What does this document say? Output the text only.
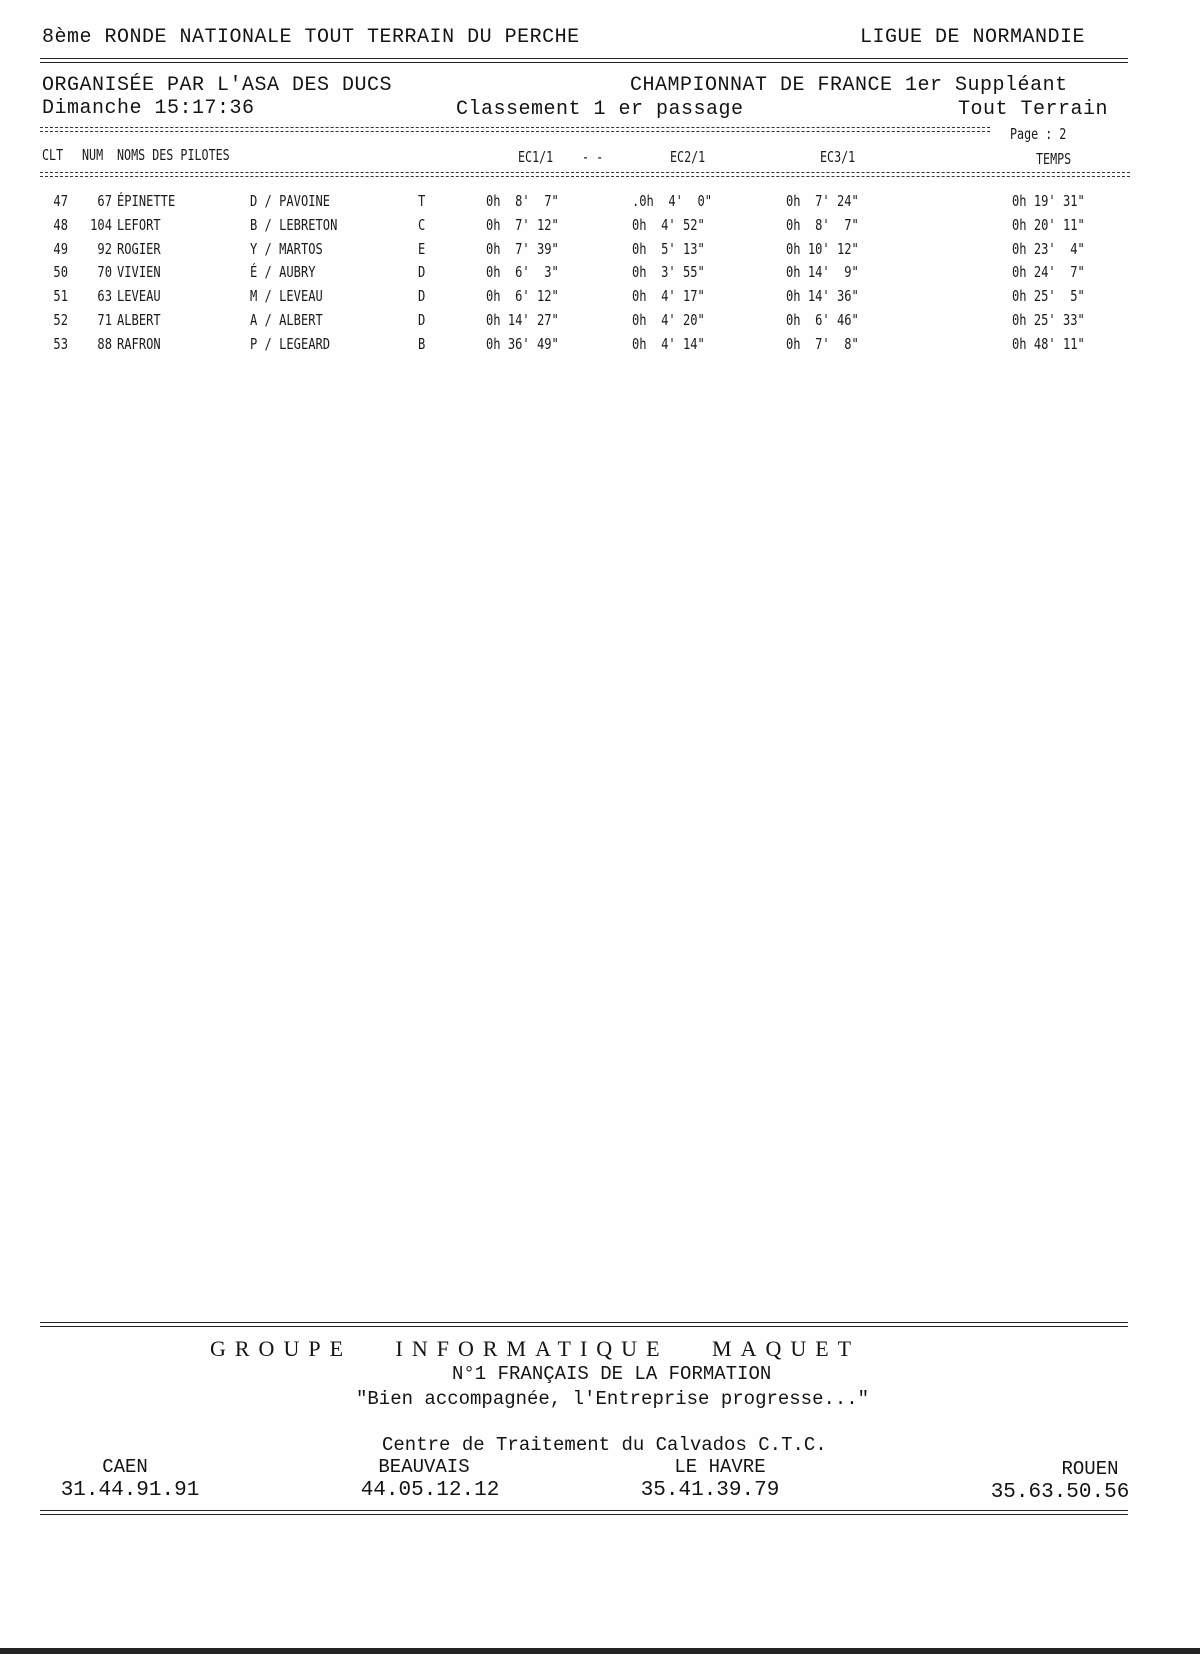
8ème RONDE NATIONALE TOUT TERRAIN DU PERCHE	LIGUE DE NORMANDIE
ORGANISÉE PAR L'ASA DES DUCS	CHAMPIONNAT DE FRANCE 1er Suppléant
Dimanche 15:17:36	Classement 1 er passage	Tout Terrain
Page : 2
CLT NUM NOMS DES PILOTES	EC1/1 - -	EC2/1	EC3/1	TEMPS
47	67 ÉPINETTE	D / PAVOINE	T	0h  8'  7"	.0h  4'  0"	0h  7' 24"	0h 19' 31"
48	104 LEFORT	B / LEBRETON	C	0h  7' 12"	0h  4' 52"	0h  8'  7"	0h 20' 11"
49	92 ROGIER	Y / MARTOS	E	0h  7' 39"	0h  5' 13"	0h 10' 12"	0h 23'  4"
50	70 VIVIEN	É / AUBRY	D	0h  6'  3"	0h  3' 55"	0h 14'  9"	0h 24'  7"
51	63 LEVEAU	M / LEVEAU	D	0h  6' 12"	0h  4' 17"	0h 14' 36"	0h 25'  5"
52	71 ALBERT	A / ALBERT	D	0h 14' 27"	0h  4' 20"	0h  6' 46"	0h 25' 33"
53	88 RAFRON	P / LEGEARD	B	0h 36' 49"	0h  4' 14"	0h  7'  8"	0h 48' 11"
GROUPE   INFORMATIQUE   MAQUET
N°1 FRANÇAIS DE LA FORMATION
"Bien accompagnée, l'Entreprise progresse..."
Centre de Traitement du Calvados C.T.C.
CAEN
31.44.91.91
BEAUVAIS
44.05.12.12
LE HAVRE
35.41.39.79
ROUEN
35.63.50.56
